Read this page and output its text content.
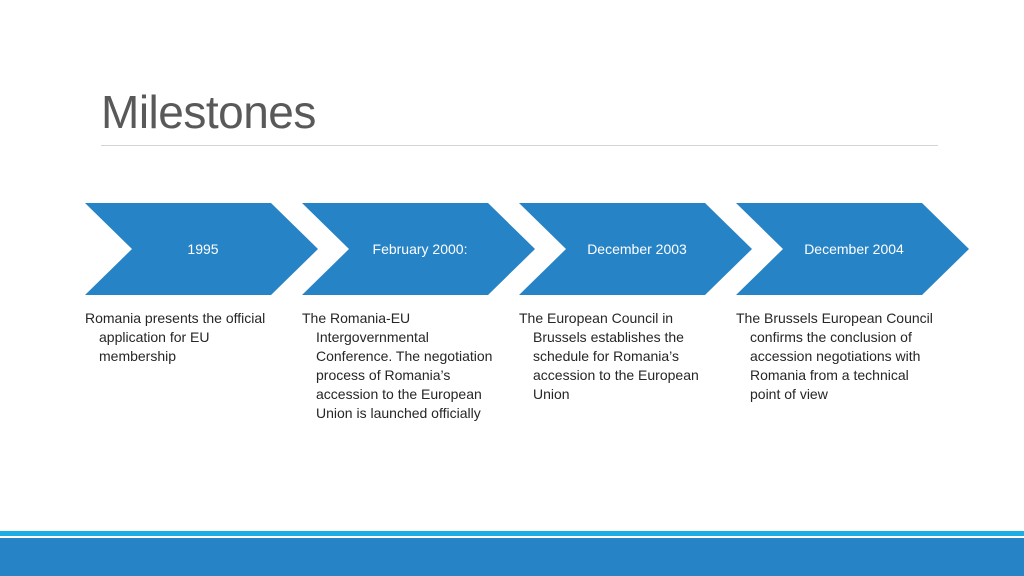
Milestones
1995	February 2000:	December 2003	December 2004

Romania presents the official application for EU membership

The Romania-EU Intergovernmental Conference. The negotiation process of Romania’s accession to the European Union is launched officially

The European Council in Brussels establishes the schedule for Romania’s accession to the European Union

The Brussels European Council confirms the conclusion of accession negotiations with Romania from a technical point of view
